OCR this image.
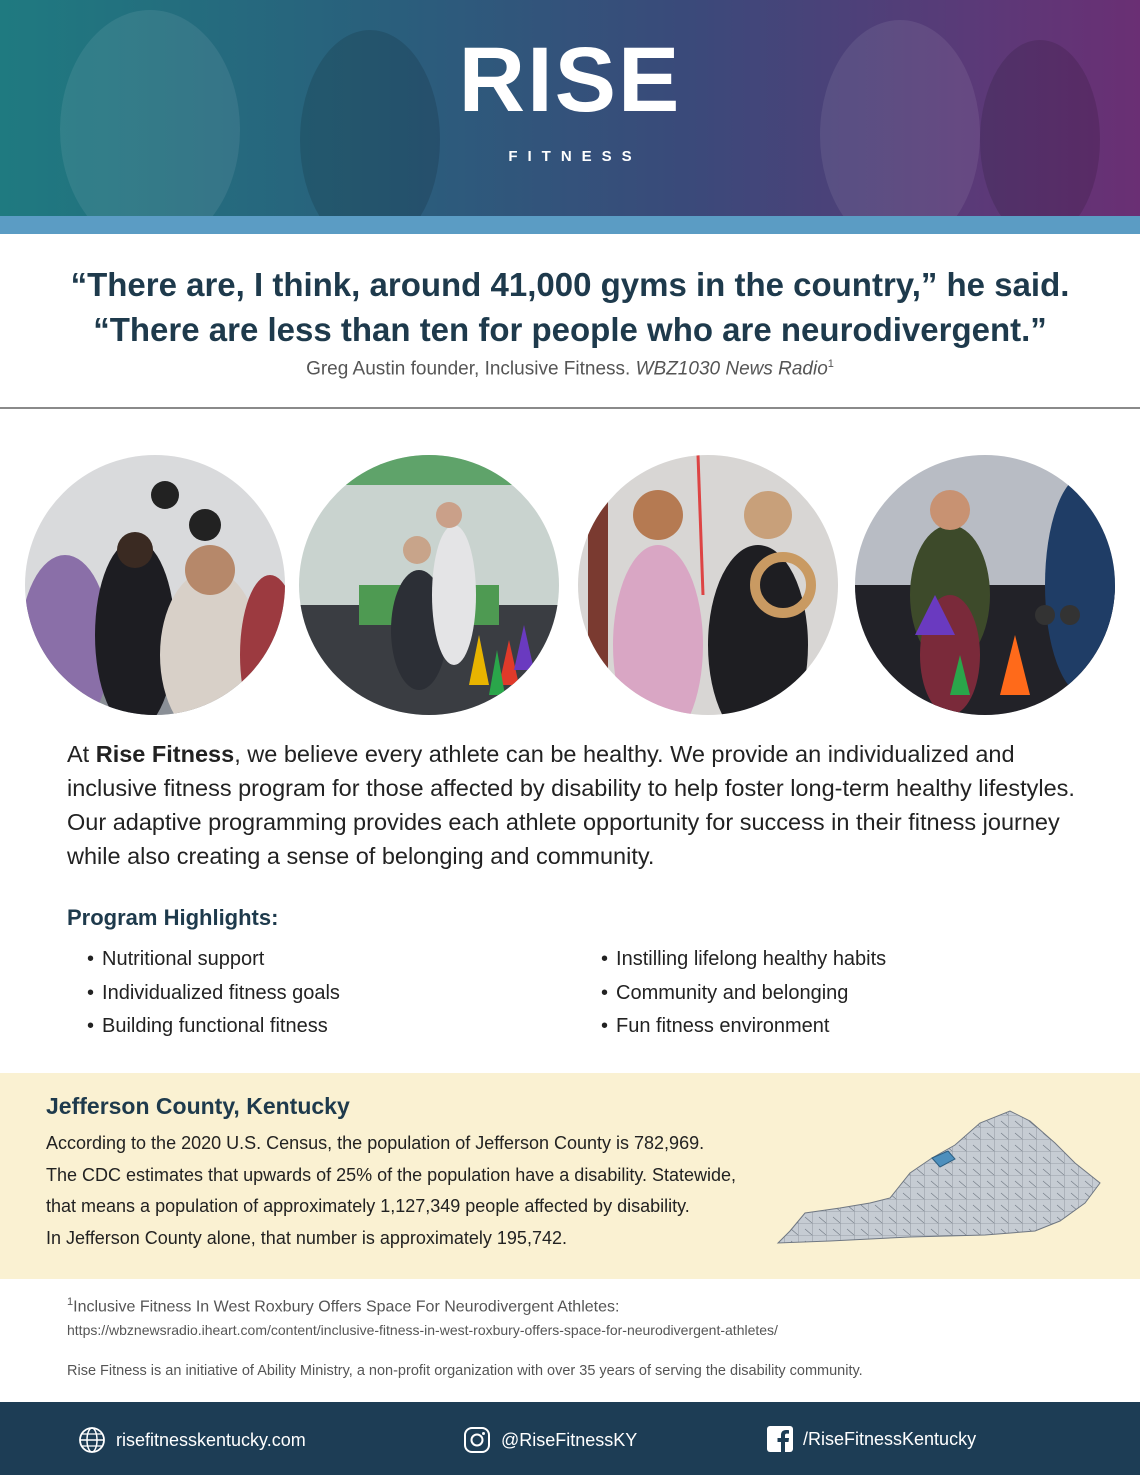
RISE
FITNESS
“There are, I think, around 41,000 gyms in the country,” he said.
“There are less than ten for people who are neurodivergent.”
Greg Austin founder, Inclusive Fitness. WBZ1030 News Radio$^1$
At Rise Fitness, we believe every athlete can be healthy. We provide an individualized and inclusive fitness program for those affected by disability to help foster long-term healthy lifestyles. Our adaptive programming provides each athlete opportunity for success in their fitness journey while also creating a sense of belonging and community.
Program Highlights:
• Nutritional support
• Individualized fitness goals
• Building functional fitness
• Instilling lifelong healthy habits
• Community and belonging
• Fun fitness environment
Jefferson County, Kentucky
According to the 2020 U.S. Census, the population of Jefferson County is 782,969.
The CDC estimates that upwards of 25% of the population have a disability. Statewide,
that means a population of approximately 1,127,349 people affected by disability.
In Jefferson County alone, that number is approximately 195,742.
$^1$Inclusive Fitness In West Roxbury Offers Space For Neurodivergent Athletes:
https://wbznewsradio.iheart.com/content/inclusive-fitness-in-west-roxbury-offers-space-for-neurodivergent-athletes/
Rise Fitness is an initiative of Ability Ministry, a non-profit organization with over 35 years of serving the disability community.
risefitnesskentucky.com	@RiseFitnessKY	/RiseFitnessKentucky
